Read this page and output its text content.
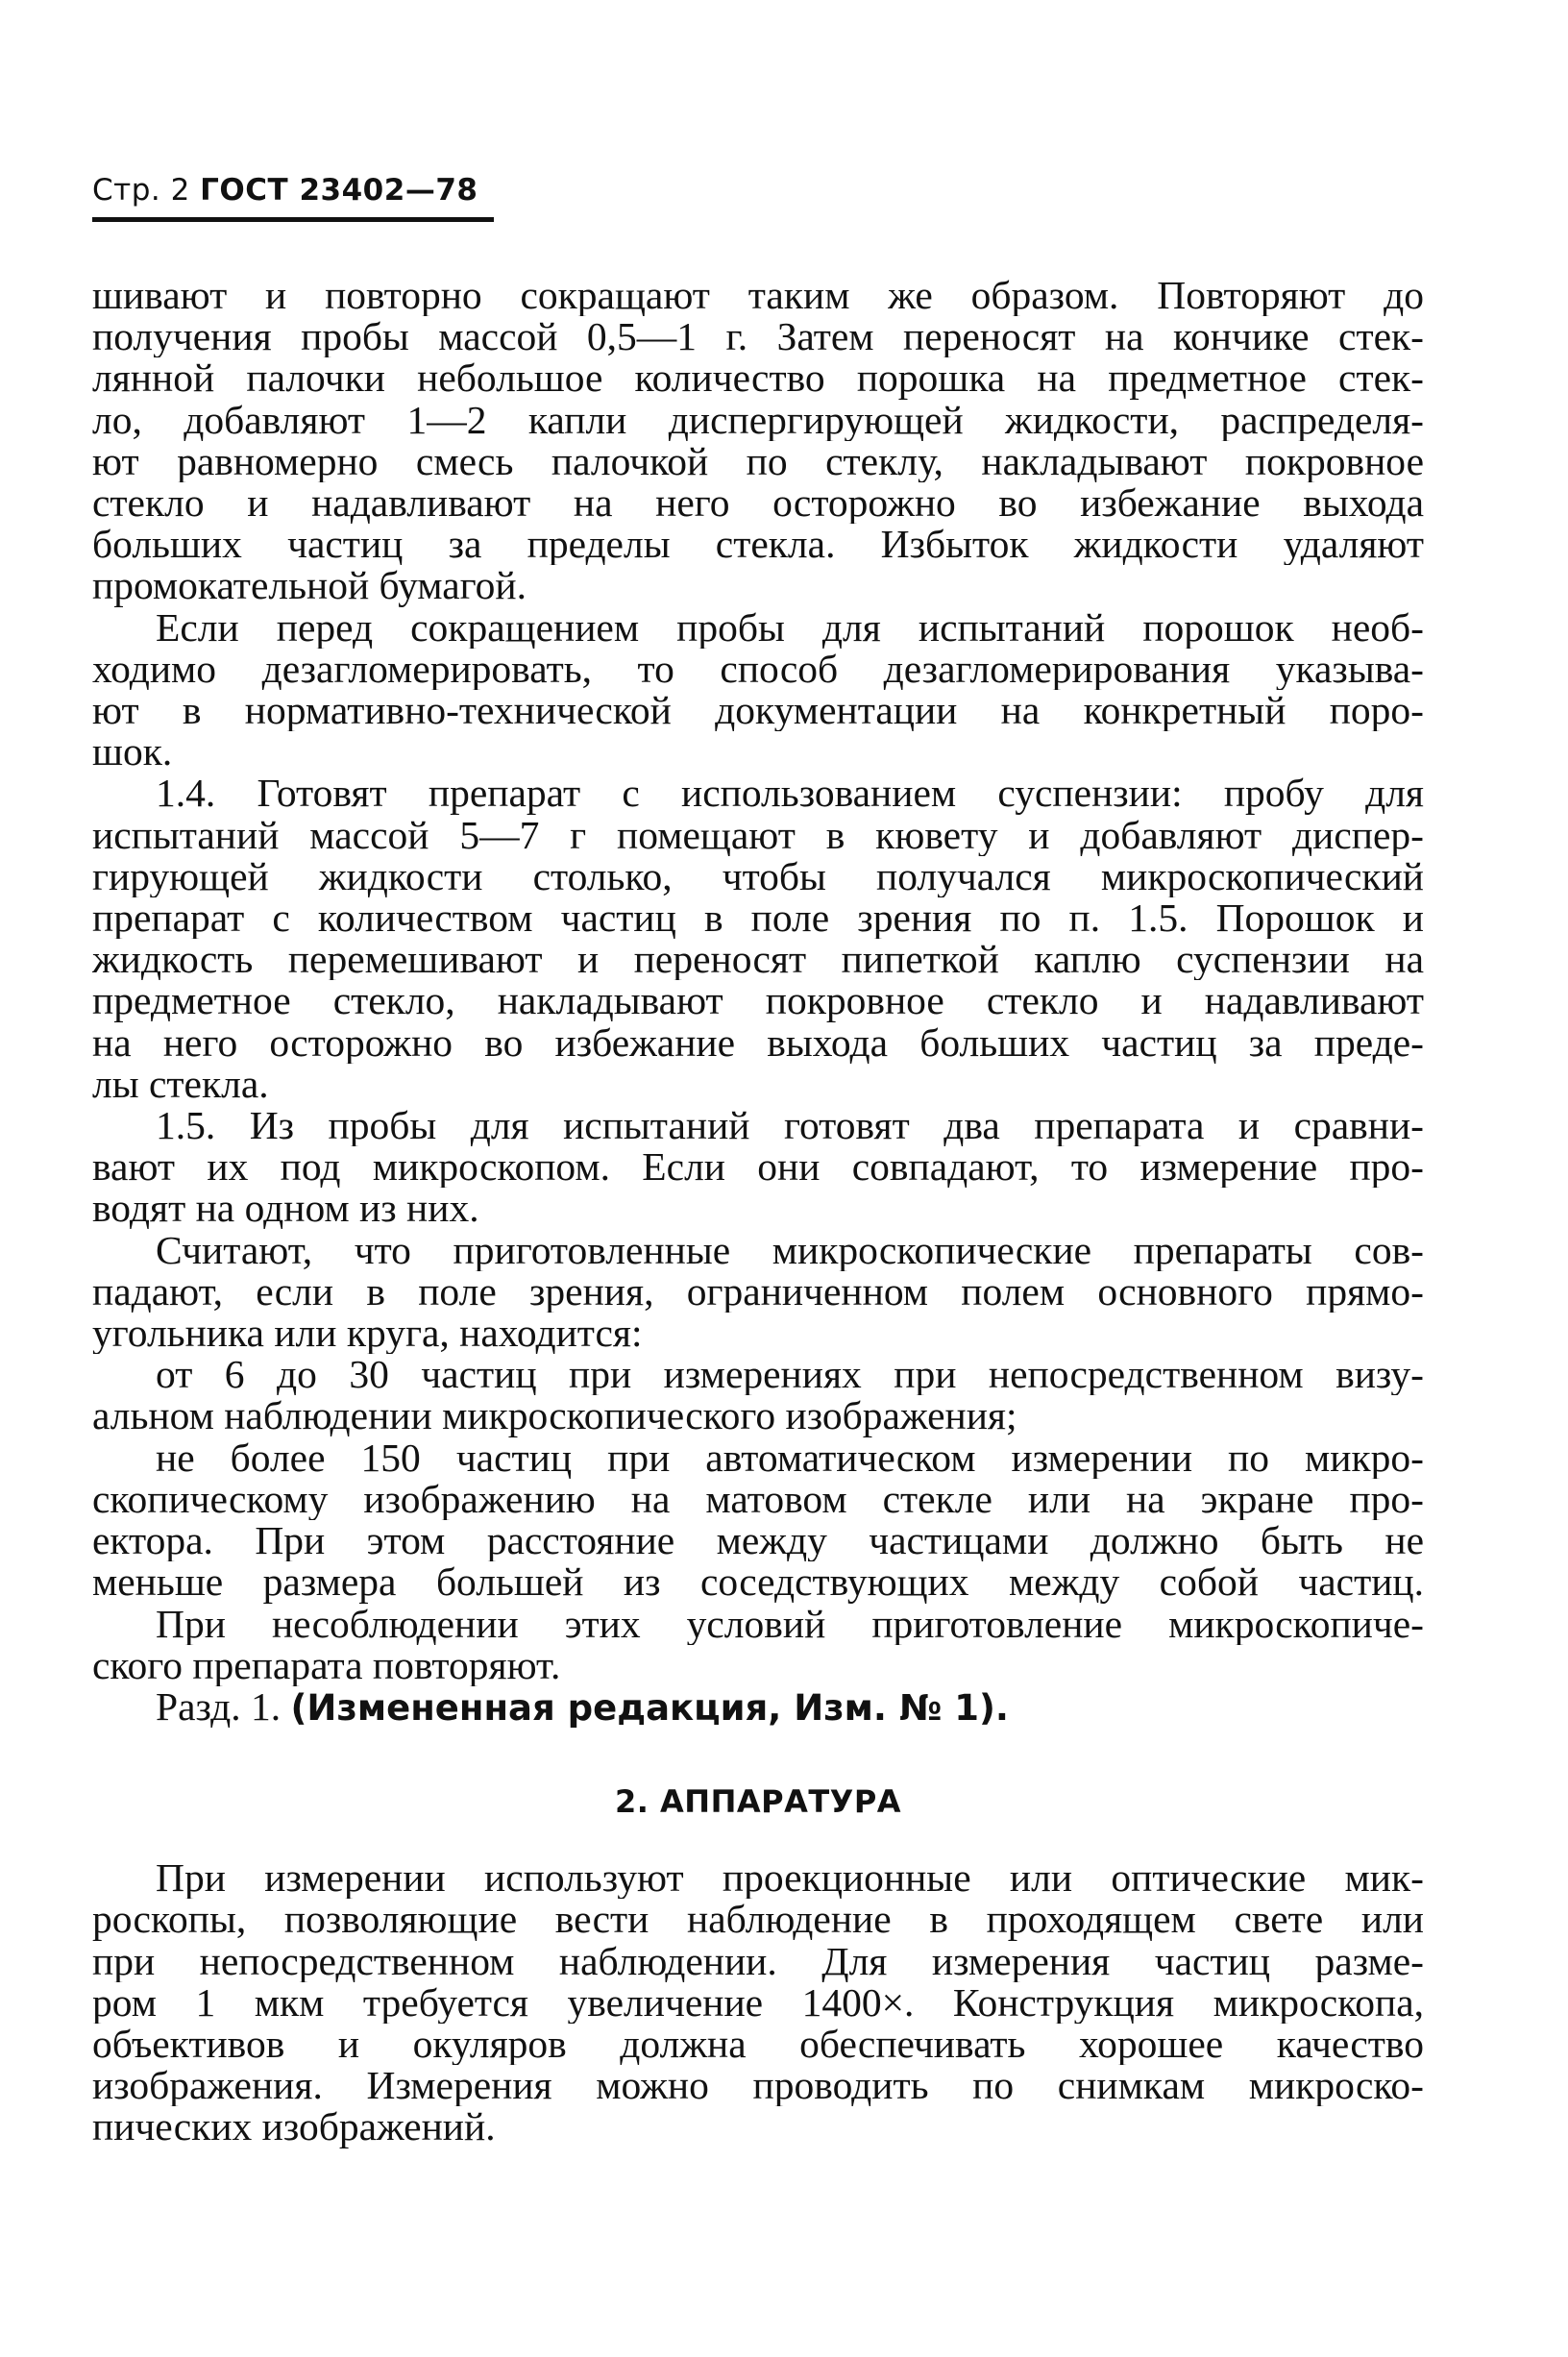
Стр. 2 ГОСТ 23402—78
шивают и повторно сокращают таким же образом. Повторяют до
получения пробы массой 0,5—1 г. Затем переносят на кончике стек-
лянной палочки небольшое количество порошка на предметное стек-
ло, добавляют 1—2 капли диспергирующей жидкости, распределя-
ют равномерно смесь палочкой по стеклу, накладывают покровное
стекло и надавливают на него осторожно во избежание выхода
больших частиц за пределы стекла. Избыток жидкости удаляют
промокательной бумагой.
Если перед сокращением пробы для испытаний порошок необ-
ходимо дезагломерировать, то способ дезагломерирования указыва-
ют в нормативно-технической документации на конкретный поро-
шок.
1.4. Готовят препарат с использованием суспензии: пробу для
испытаний массой 5—7 г помещают в кювету и добавляют диспер-
гирующей жидкости столько, чтобы получался микроскопический
препарат с количеством частиц в поле зрения по п. 1.5. Порошок и
жидкость перемешивают и переносят пипеткой каплю суспензии на
предметное стекло, накладывают покровное стекло и надавливают
на него осторожно во избежание выхода больших частиц за преде-
лы стекла.
1.5. Из пробы для испытаний готовят два препарата и сравни-
вают их под микроскопом. Если они совпадают, то измерение про-
водят на одном из них.
Считают, что приготовленные микроскопические препараты сов-
падают, если в поле зрения, ограниченном полем основного прямо-
угольника или круга, находится:
от 6 до 30 частиц при измерениях при непосредственном визу-
альном наблюдении микроскопического изображения;
не более 150 частиц при автоматическом измерении по микро-
скопическому изображению на матовом стекле или на экране про-
ектора. При этом расстояние между частицами должно быть не
меньше размера большей из соседствующих между собой частиц.
При несоблюдении этих условий приготовление микроскопиче-
ского препарата повторяют.
Разд. 1. (Измененная редакция, Изм. № 1).
2. АППАРАТУРА
При измерении используют проекционные или оптические мик-
роскопы, позволяющие вести наблюдение в проходящем свете или
при непосредственном наблюдении. Для измерения частиц разме-
ром 1 мкм требуется увеличение 1400×. Конструкция микроскопа,
объективов и окуляров должна обеспечивать хорошее качество
изображения. Измерения можно проводить по снимкам микроско-
пических изображений.
